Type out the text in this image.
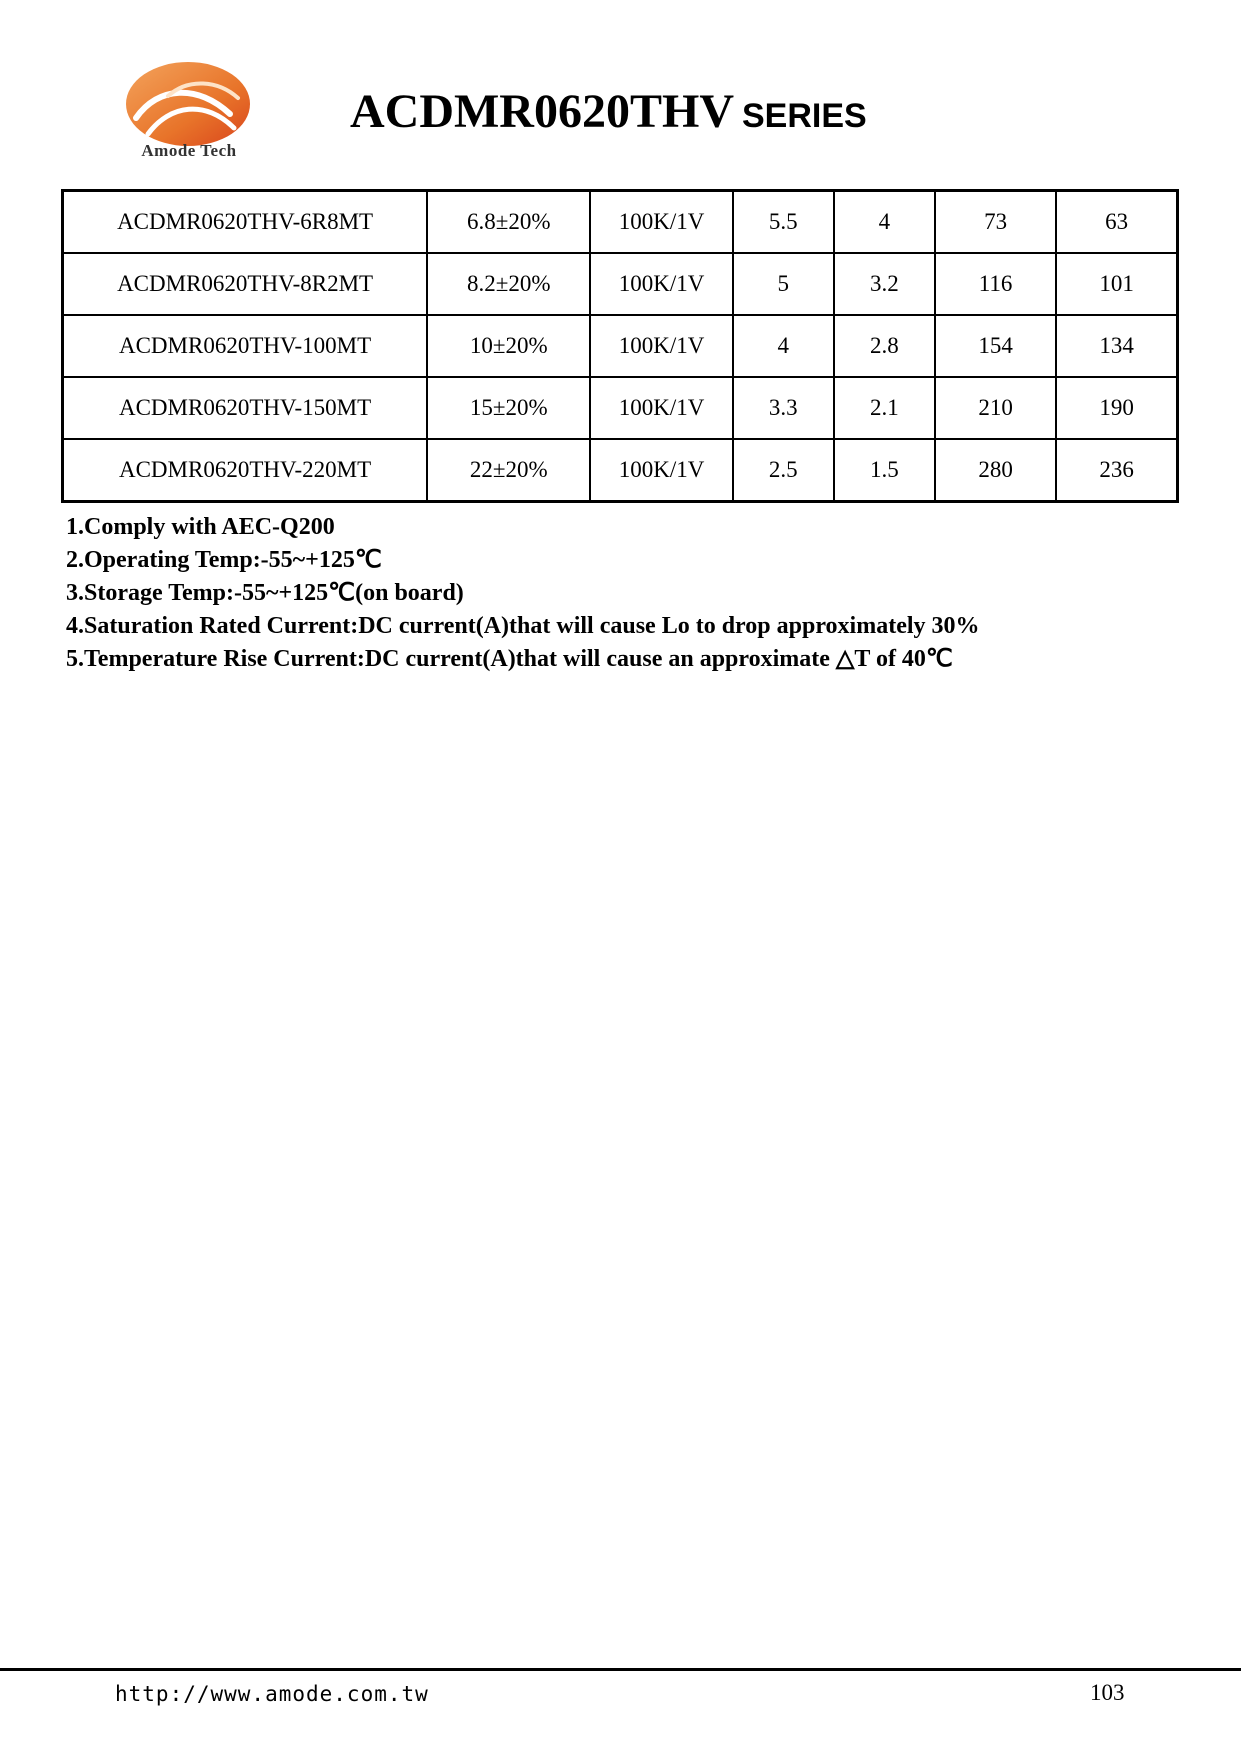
Amode Tech
ACDMR0620THV SERIES
ACDMR0620THV-6R8MT	6.8±20%	100K/1V	5.5	4	73	63
ACDMR0620THV-8R2MT	8.2±20%	100K/1V	5	3.2	116	101
ACDMR0620THV-100MT	10±20%	100K/1V	4	2.8	154	134
ACDMR0620THV-150MT	15±20%	100K/1V	3.3	2.1	210	190
ACDMR0620THV-220MT	22±20%	100K/1V	2.5	1.5	280	236
1.Comply with AEC-Q200
2.Operating Temp:-55~+125℃
3.Storage Temp:-55~+125℃(on board)
4.Saturation Rated Current:DC current(A)that will cause Lo to drop approximately 30%
5.Temperature Rise Current:DC current(A)that will cause an approximate △T of 40℃
http://www.amode.com.tw	103
